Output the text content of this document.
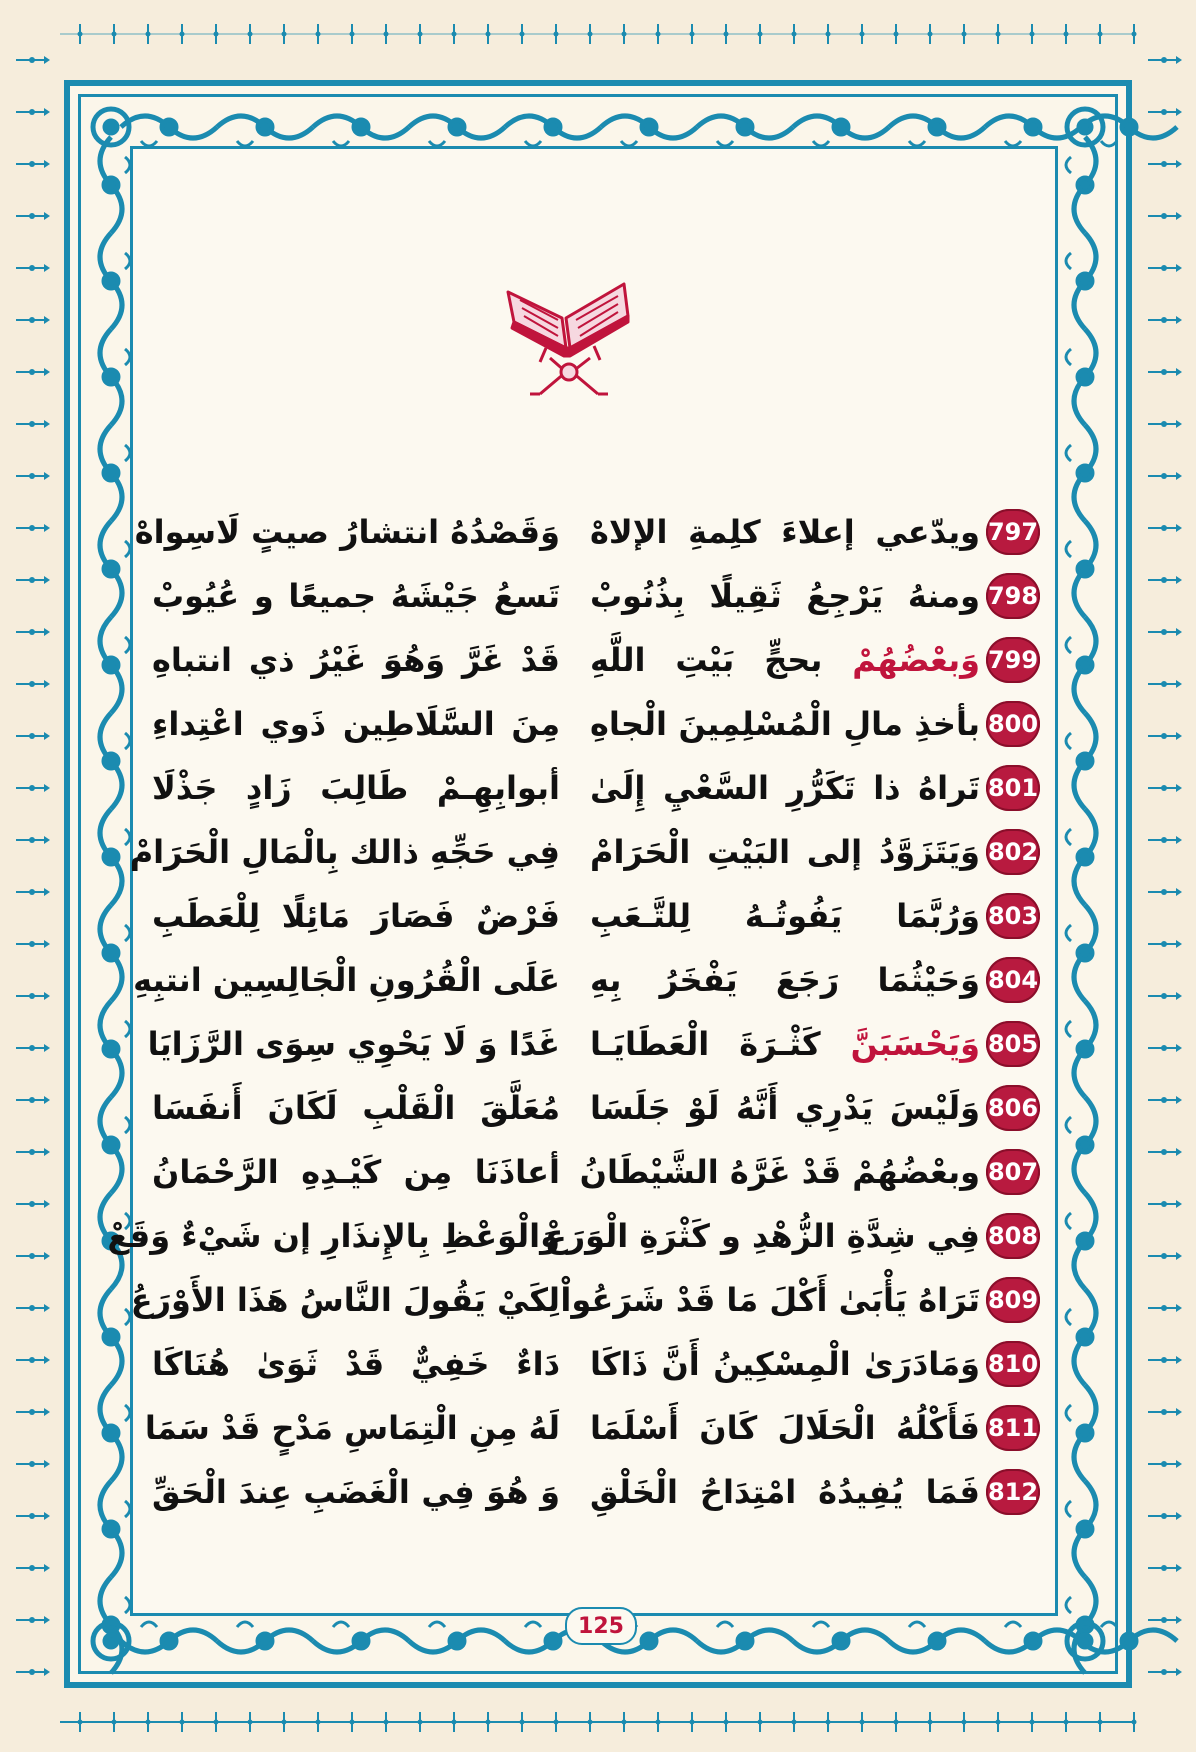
797
ويدّعي إعلاءَ كلِمةِ الإلاهْ
وَقَصْدُهُ انتشارُ صيتٍ لَاسِواهْ
798
ومنهُ يَرْجِعُ ثَقِيلًا بِذُنُوبْ
تَسعُ جَيْشَهُ جميعًا و عُيُوبْ
799
وَبعْضُهُمْ بحجٍّ بَيْتِ اللَّهِ
قَدْ غَرَّ وَهُوَ غَيْرُ ذي انتباهِ
800
بأخذِ مالِ الْمُسْلِمِينَ الْجاهِ
مِنَ السَّلَاطِين ذَوي اعْتِداءِ
801
تَراهُ ذا تَكَرُّرِ السَّعْيِ إِلَىٰ
أبوابِهِـمْ طَالِبَ زَادٍ جَذْلَا
802
وَيَتَزَوَّدُ إلى البَيْتِ الْحَرَامْ
فِي حَجِّهِ ذالك بِالْمَالِ الْحَرَامْ
803
وَرُبَّمَا يَفُوتُـهُ لِلتَّـعَبِ
فَرْضٌ فَصَارَ مَائِلًا لِلْعَطَبِ
804
وَحَيْثُمَا رَجَعَ يَفْخَرُ بِهِ
عَلَى الْقُرُونِ الْجَالِسِين انتبِهِ
805
وَيَحْسَبَنَّ كَثْـرَةَ الْعَطَايَـا
غَدًا وَ لَا يَحْوِي سِوَى الرَّزَايَا
806
وَلَيْسَ يَدْرِي أَنَّهُ لَوْ جَلَسَا
مُعَلَّقَ الْقَلْبِ لَكَانَ أَنفَسَا
807
وبعْضُهُمْ قَدْ غَرَّهُ الشَّيْطَانُ
أعاذَنَا مِن كَيْـدِهِ الرَّحْمَانُ
808
فِي شِدَّةِ الزُّهْدِ و كَثْرَةِ الْوَرَعْ
وَالْوَعْظِ بِالإِنذَارِ إن شَيْءٌ وَقَعْ
809
تَرَاهُ يَأْبَىٰ أَكْلَ مَا قَدْ شَرَعُواْ
لِكَيْ يَقُولَ النَّاسُ هَذَا الأَوْرَعُ
810
وَمَادَرَىٰ الْمِسْكِينُ أَنَّ ذَاكَا
دَاءٌ خَفِيٌّ قَدْ ثَوَىٰ هُنَاكَا
811
فَأَكْلُهُ الْحَلَالَ كَانَ أَسْلَمَا
لَهُ مِنِ الْتِمَاسِ مَدْحٍ قَدْ سَمَا
812
فَمَا يُفِيدُهُ امْتِدَاحُ الْخَلْقِ
وَ هُوَ فِي الْغَضَبِ عِندَ الْحَقِّ
125
